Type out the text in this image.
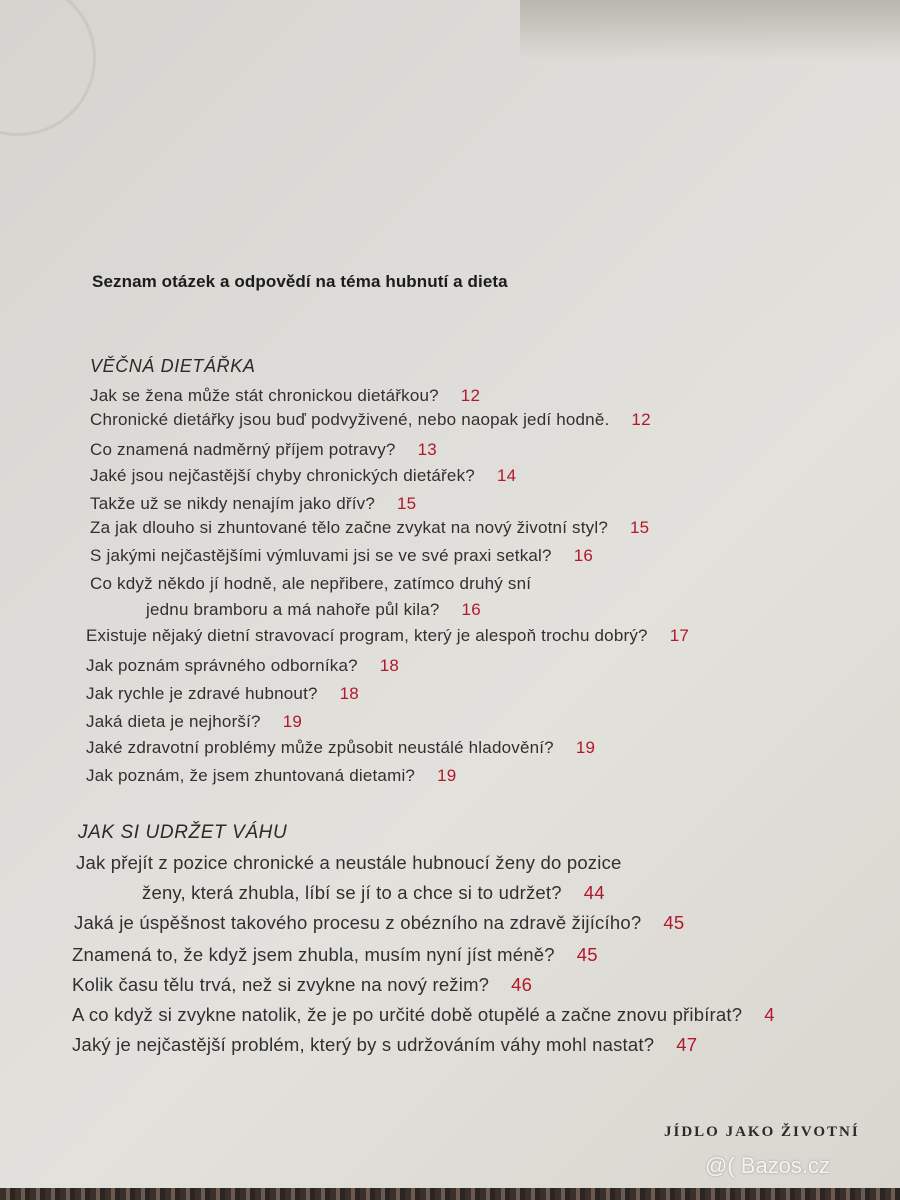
Seznam otázek a odpovědí na téma hubnutí a dieta
VĚČNÁ DIETÁŘKA
Jak se žena může stát chronickou dietářkou? 12
Chronické dietářky jsou buď podvyživené, nebo naopak jedí hodně. 12
Co znamená nadměrný příjem potravy? 13
Jaké jsou nejčastější chyby chronických dietářek? 14
Takže už se nikdy nenajím jako dřív? 15
Za jak dlouho si zhuntované tělo začne zvykat na nový životní styl? 15
S jakými nejčastějšími výmluvami jsi se ve své praxi setkal? 16
Co když někdo jí hodně, ale nepřibere, zatímco druhý sní
jednu bramboru a má nahoře půl kila? 16
Existuje nějaký dietní stravovací program, který je alespoň trochu dobrý? 17
Jak poznám správného odborníka? 18
Jak rychle je zdravé hubnout? 18
Jaká dieta je nejhorší? 19
Jaké zdravotní problémy může způsobit neustálé hladovění? 19
Jak poznám, že jsem zhuntovaná dietami? 19
JAK SI UDRŽET VÁHU
Jak přejít z pozice chronické a neustále hubnoucí ženy do pozice
ženy, která zhubla, líbí se jí to a chce si to udržet? 44
Jaká je úspěšnost takového procesu z obézního na zdravě žijícího? 45
Znamená to, že když jsem zhubla, musím nyní jíst méně? 45
Kolik času tělu trvá, než si zvykne na nový režim? 46
A co když si zvykne natolik, že je po určité době otupělé a začne znovu přibírat? 4
Jaký je nejčastější problém, který by s udržováním váhy mohl nastat? 47
JÍDLO JAKO ŽIVOTNÍ
@( Bazos.cz
